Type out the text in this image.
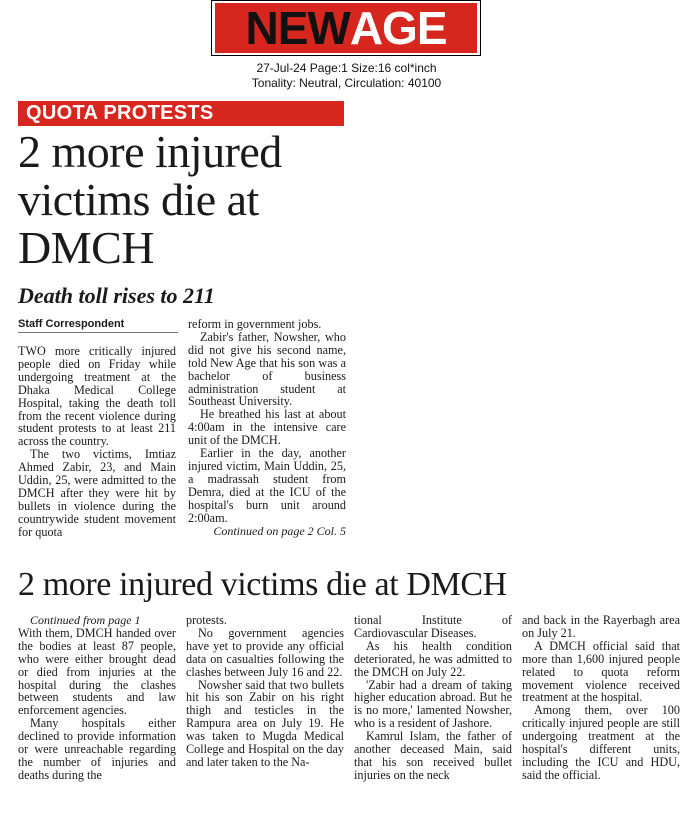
NEW AGE
27-Jul-24 Page:1 Size:16 col*inch
Tonality: Neutral, Circulation: 40100
QUOTA PROTESTS
2 more injured victims die at DMCH
Death toll rises to 211
Staff Correspondent

TWO more critically injured people died on Friday while undergoing treatment at the Dhaka Medical College Hospital, taking the death toll from the recent violence during student protests to at least 211 across the country.

The two victims, Imtiaz Ahmed Zabir, 23, and Main Uddin, 25, were admitted to the DMCH after they were hit by bullets in violence during the countrywide student movement for quota

reform in government jobs.

Zabir's father, Nowsher, who did not give his second name, told New Age that his son was a bachelor of business administration student at Southeast University.

He breathed his last at about 4:00am in the intensive care unit of the DMCH.

Earlier in the day, another injured victim, Main Uddin, 25, a madrassah student from Demra, died at the ICU of the hospital's burn unit around 2:00am.

Continued on page 2 Col. 5

2 more injured victims die at DMCH

Continued from page 1

With them, DMCH handed over the bodies at least 87 people, who were either brought dead or died from injuries at the hospital during the clashes between students and law enforcement agencies.

Many hospitals either declined to provide information or were unreachable regarding the number of injuries and deaths during the

protests.

No government agencies have yet to provide any official data on casualties following the clashes between July 16 and 22.

Nowsher said that two bullets hit his son Zabir on his right thigh and testicles in the Rampura area on July 19. He was taken to Mugda Medical College and Hospital on the day and later taken to the Na-

tional Institute of Cardiovascular Diseases.

As his health condition deteriorated, he was admitted to the DMCH on July 22.

'Zabir had a dream of taking higher education abroad. But he is no more,' lamented Nowsher, who is a resident of Jashore.

Kamrul Islam, the father of another deceased Main, said that his son received bullet injuries on the neck

and back in the Rayerbagh area on July 21.

A DMCH official said that more than 1,600 injured people related to quota reform movement violence received treatment at the hospital.

Among them, over 100 critically injured people are still undergoing treatment at the hospital's different units, including the ICU and HDU, said the official.
